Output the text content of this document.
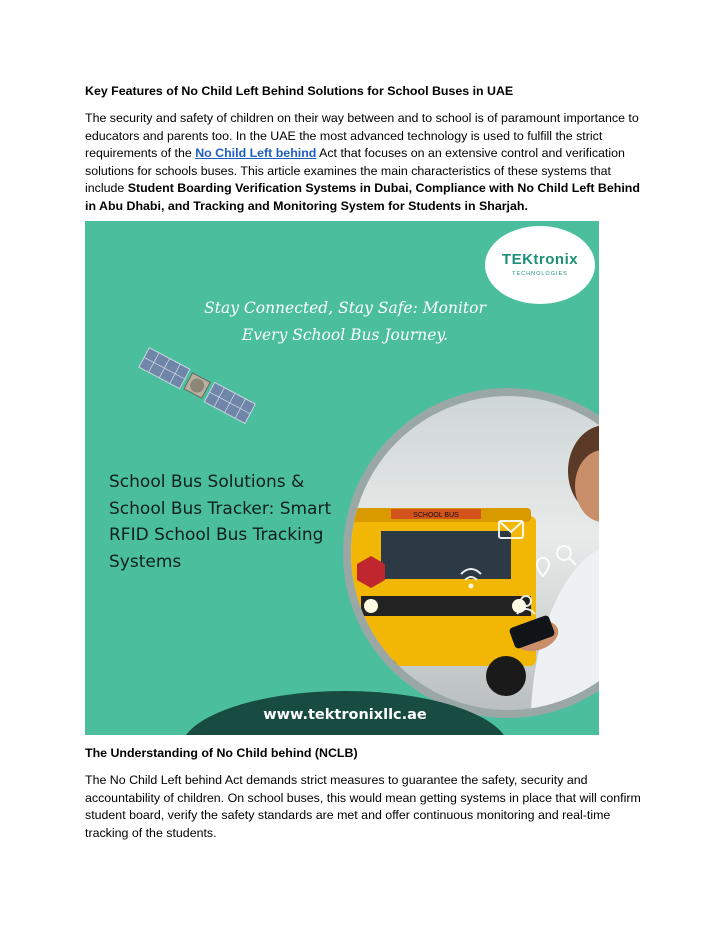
Key Features of No Child Left Behind Solutions for School Buses in UAE

The security and safety of children on their way between and to school is of paramount importance to educators and parents too. In the UAE the most advanced technology is used to fulfill the strict requirements of the No Child Left behind Act that focuses on an extensive control and verification solutions for schools buses. This article examines the main characteristics of these systems that include Student Boarding Verification Systems in Dubai, Compliance with No Child Left Behind in Abu Dhabi, and Tracking and Monitoring System for Students in Sharjah.

TEKtronix
TECHNOLOGIES
Stay Connected, Stay Safe: Monitor Every School Bus Journey.
School Bus Solutions & School Bus Tracker: Smart RFID School Bus Tracking Systems
SCHOOL BUS
www.tektronixllc.ae

The Understanding of No Child behind (NCLB)

The No Child Left behind Act demands strict measures to guarantee the safety, security and accountability of children. On school buses, this would mean getting systems in place that will confirm student board, verify the safety standards are met and offer continuous monitoring and real-time tracking of the students.
